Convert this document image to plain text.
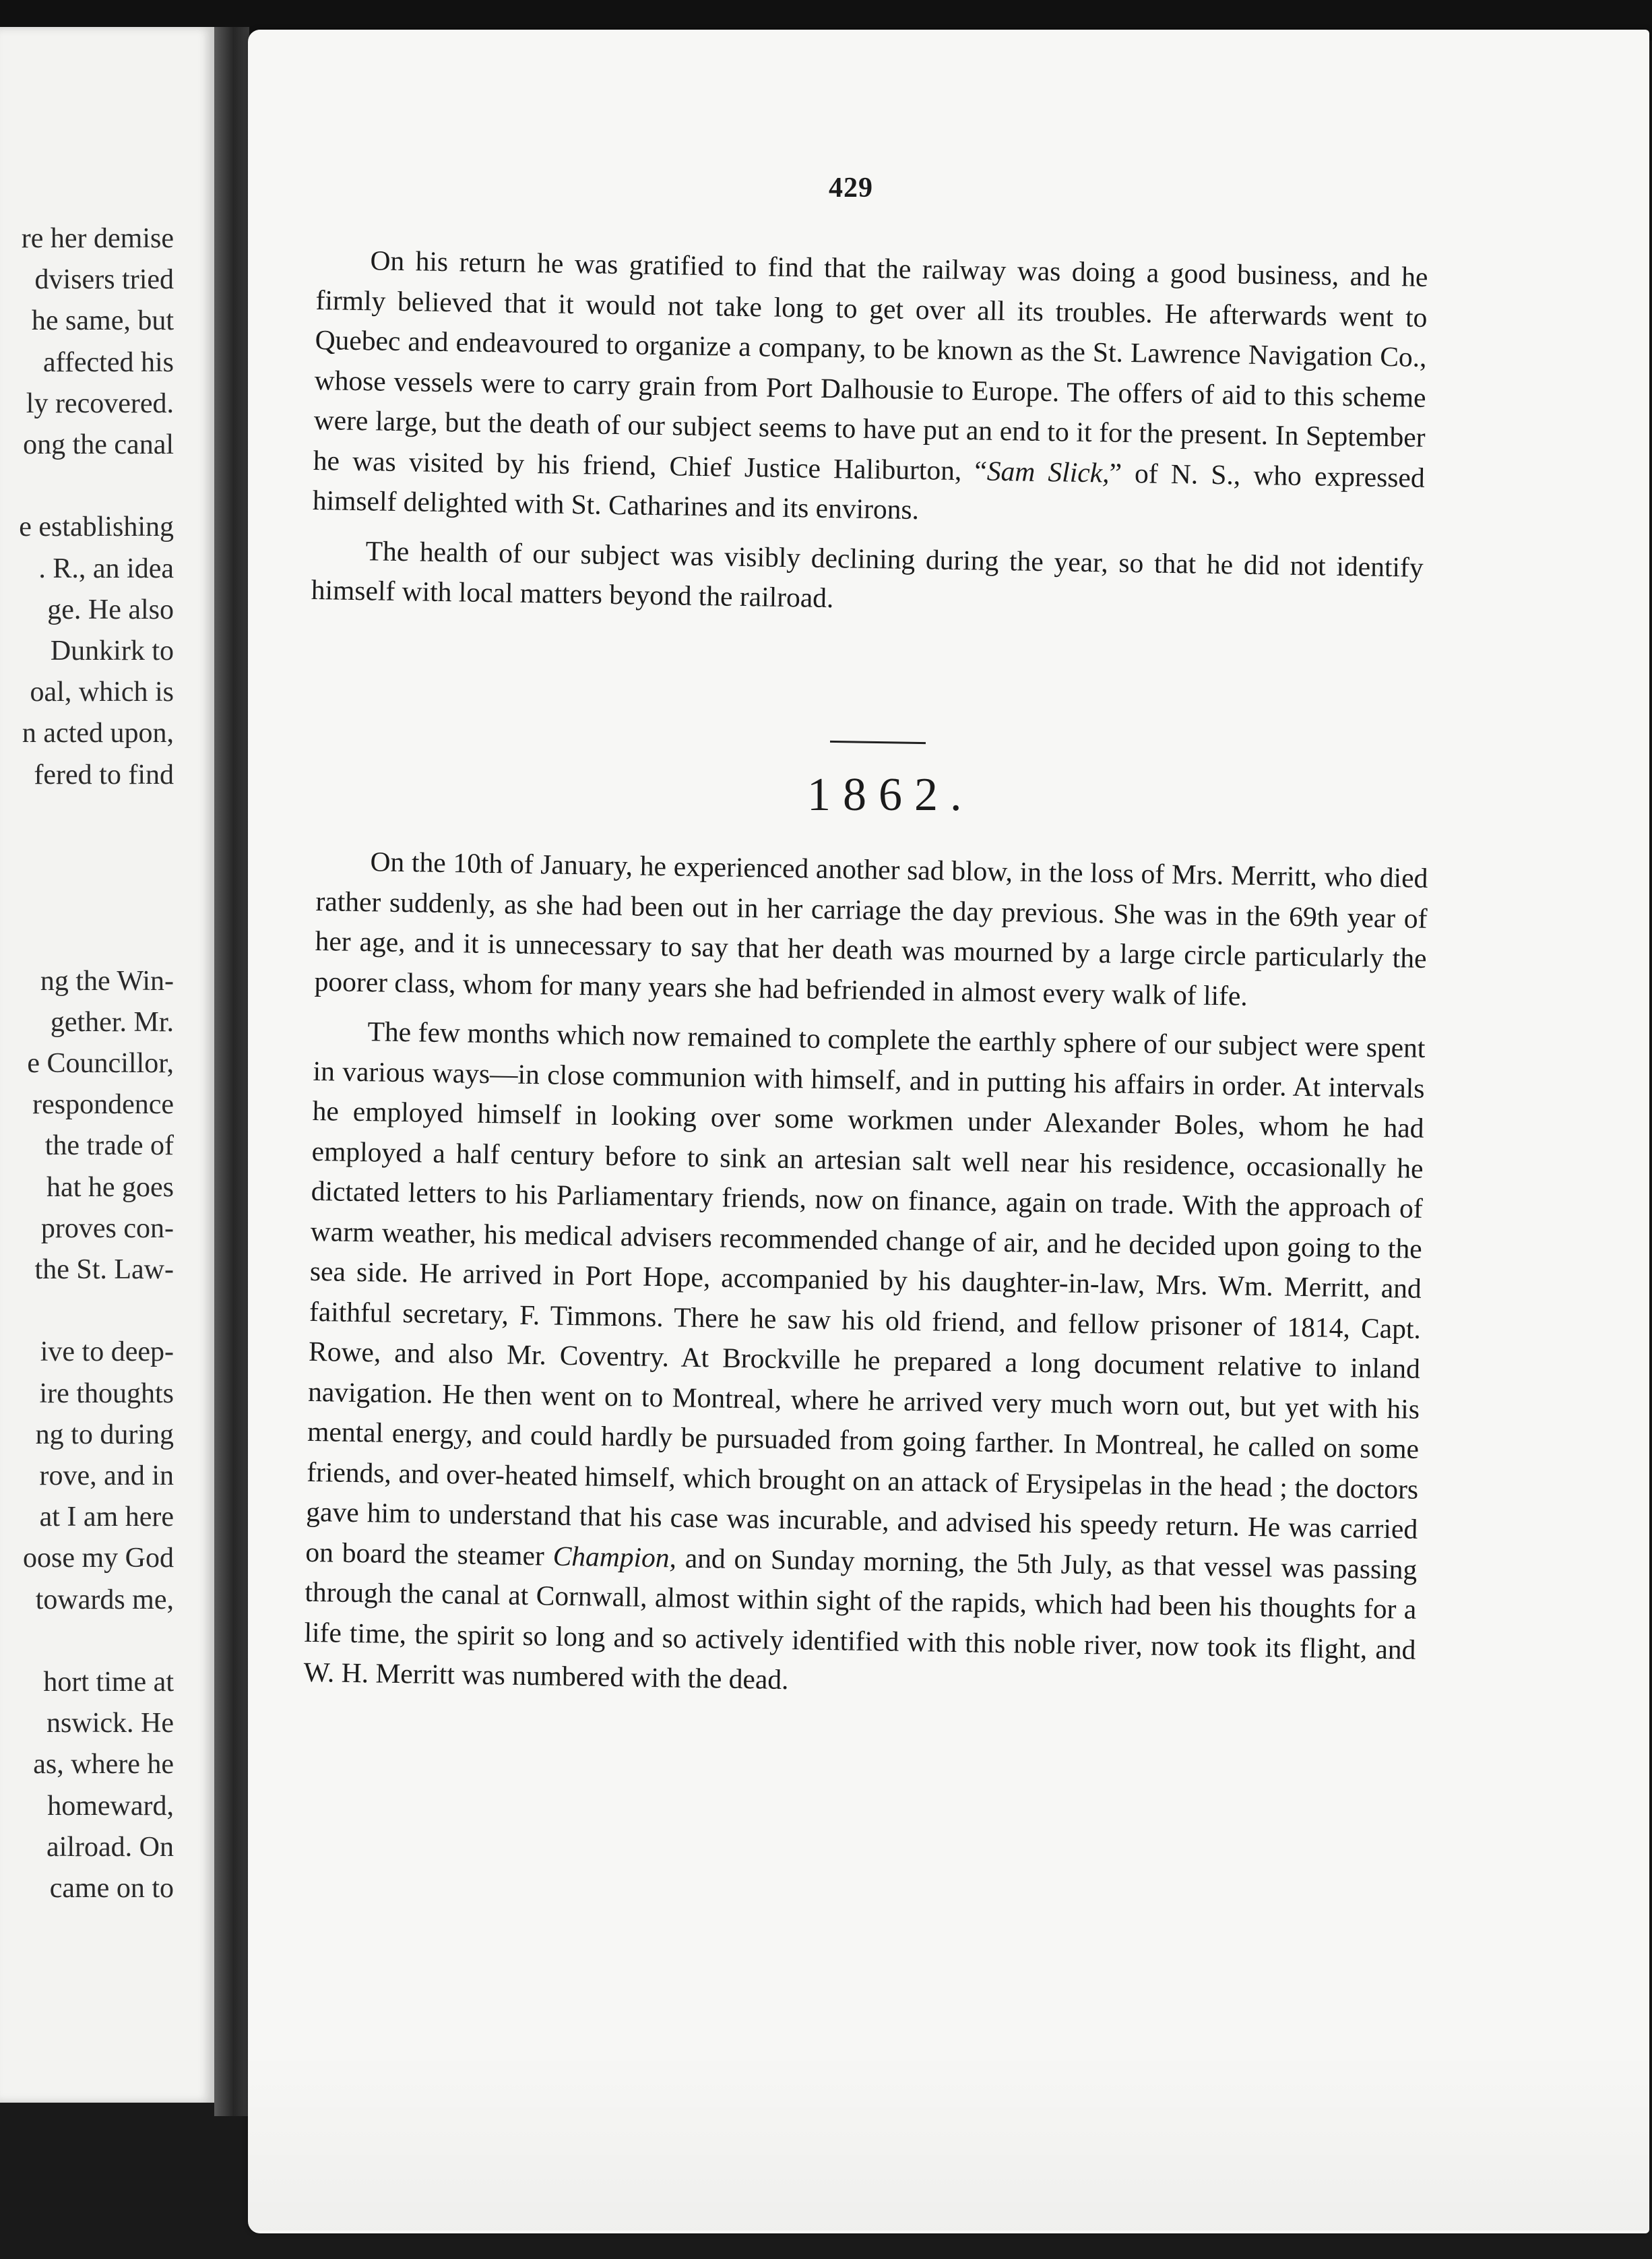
re her demise
dvisers tried
he same, but
affected his
ly recovered.
ong the canal
e establishing
. R., an idea
ge. He also
Dunkirk to
oal, which is
n acted upon,
fered to find
ng the Win-
gether. Mr.
e Councillor,
respondence
the trade of
hat he goes
proves con-
the St. Law-
ive to deep-
ire thoughts
ng to during
rove, and in
at I am here
oose my God
towards me,
hort time at
nswick. He
as, where he
homeward,
ailroad. On
came on to
429

On his return he was gratified to find that the railway was doing a good business, and he firmly believed that it would not take long to get over all its troubles. He afterwards went to Quebec and endeavoured to organize a company, to be known as the St. Lawrence Navigation Co., whose vessels were to carry grain from Port Dalhousie to Europe. The offers of aid to this scheme were large, but the death of our subject seems to have put an end to it for the present. In September he was visited by his friend, Chief Justice Haliburton, “Sam Slick,” of N. S., who expressed himself delighted with St. Catharines and its environs.

The health of our subject was visibly declining during the year, so that he did not identify himself with local matters beyond the railroad.

1862.

On the 10th of January, he experienced another sad blow, in the loss of Mrs. Merritt, who died rather suddenly, as she had been out in her carriage the day previous. She was in the 69th year of her age, and it is unnecessary to say that her death was mourned by a large circle particularly the poorer class, whom for many years she had befriended in almost every walk of life.

The few months which now remained to complete the earthly sphere of our subject were spent in various ways—in close communion with himself, and in putting his affairs in order. At intervals he employed himself in looking over some workmen under Alexander Boles, whom he had employed a half century before to sink an artesian salt well near his residence, occasionally he dictated letters to his Parliamentary friends, now on finance, again on trade. With the approach of warm weather, his medical advisers recommended change of air, and he decided upon going to the sea side. He arrived in Port Hope, accompanied by his daughter-in-law, Mrs. Wm. Merritt, and faithful secretary, F. Timmons. There he saw his old friend, and fellow prisoner of 1814, Capt. Rowe, and also Mr. Coventry. At Brockville he prepared a long document relative to inland navigation. He then went on to Montreal, where he arrived very much worn out, but yet with his mental energy, and could hardly be pursuaded from going farther. In Montreal, he called on some friends, and over-heated himself, which brought on an attack of Erysipelas in the head ; the doctors gave him to understand that his case was incurable, and advised his speedy return. He was carried on board the steamer Champion, and on Sunday morning, the 5th July, as that vessel was passing through the canal at Cornwall, almost within sight of the rapids, which had been his thoughts for a life time, the spirit so long and so actively identified with this noble river, now took its flight, and W. H. Merritt was numbered with the dead.
